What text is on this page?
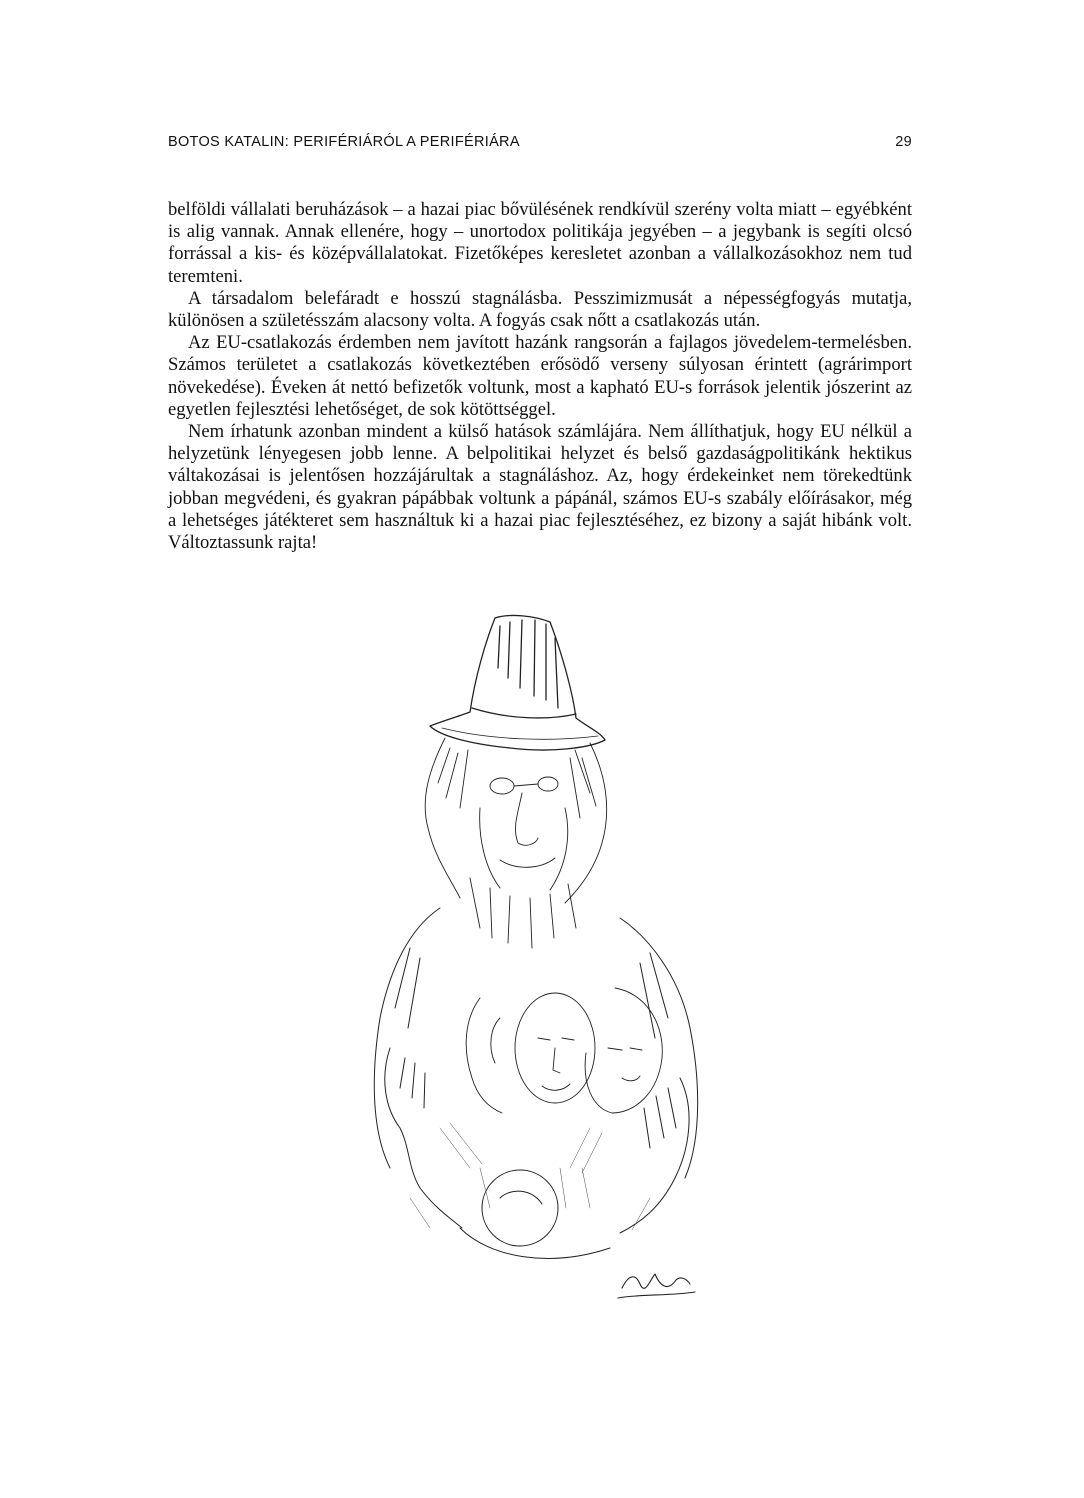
BOTOS KATALIN: PERIFÉRIÁRÓL A PERIFÉRIÁRA	29

belföldi vállalati beruházások – a hazai piac bővülésének rendkívül szerény volta miatt – egyébként is alig vannak. Annak ellenére, hogy – unortodox politikája jegyében – a jegybank is segíti olcsó forrással a kis- és középvállalatokat. Fizetőképes keresletet azonban a vállalkozásokhoz nem tud teremteni.

A társadalom belefáradt e hosszú stagnálásba. Pesszimizmusát a népességfogyás mutatja, különösen a születésszám alacsony volta. A fogyás csak nőtt a csatlakozás után.

Az EU-csatlakozás érdemben nem javított hazánk rangsorán a fajlagos jövedelem-termelésben. Számos területet a csatlakozás következtében erősödő verseny súlyosan érintett (agrárimport növekedése). Éveken át nettó befizetők voltunk, most a kapható EU-s források jelentik jószerint az egyetlen fejlesztési lehetőséget, de sok kötöttséggel.

Nem írhatunk azonban mindent a külső hatások számlájára. Nem állíthatjuk, hogy EU nélkül a helyzetünk lényegesen jobb lenne. A belpolitikai helyzet és belső gazdaságpolitikánk hektikus váltakozásai is jelentősen hozzájárultak a stagnáláshoz. Az, hogy érdekeinket nem törekedtünk jobban megvédeni, és gyakran pápábbak voltunk a pápánál, számos EU-s szabály előírásakor, még a lehetséges játékteret sem használtuk ki a hazai piac fejlesztéséhez, ez bizony a saját hibánk volt. Változtassunk rajta!
